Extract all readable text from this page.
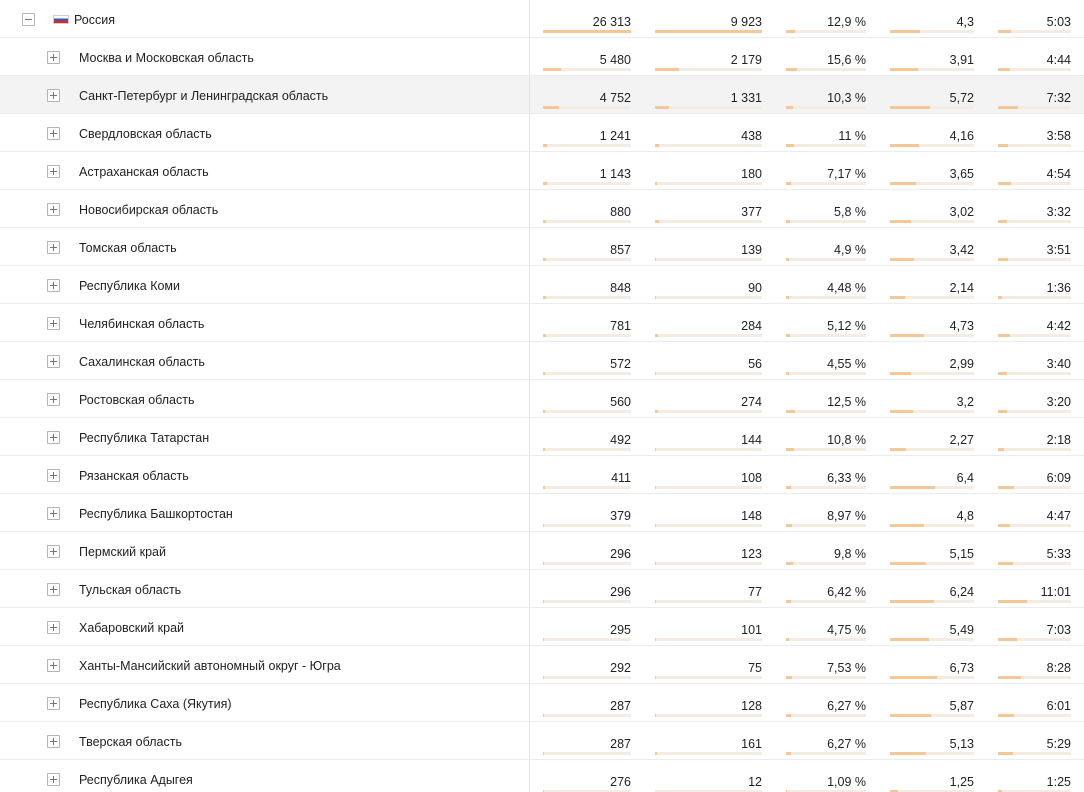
Россия	26 313	9 923	12,9 %	4,3	5:03
Москва и Московская область	5 480	2 179	15,6 %	3,91	4:44
Санкт-Петербург и Ленинградская область	4 752	1 331	10,3 %	5,72	7:32
Свердловская область	1 241	438	11 %	4,16	3:58
Астраханская область	1 143	180	7,17 %	3,65	4:54
Новосибирская область	880	377	5,8 %	3,02	3:32
Томская область	857	139	4,9 %	3,42	3:51
Республика Коми	848	90	4,48 %	2,14	1:36
Челябинская область	781	284	5,12 %	4,73	4:42
Сахалинская область	572	56	4,55 %	2,99	3:40
Ростовская область	560	274	12,5 %	3,2	3:20
Республика Татарстан	492	144	10,8 %	2,27	2:18
Рязанская область	411	108	6,33 %	6,4	6:09
Республика Башкортостан	379	148	8,97 %	4,8	4:47
Пермский край	296	123	9,8 %	5,15	5:33
Тульская область	296	77	6,42 %	6,24	11:01
Хабаровский край	295	101	4,75 %	5,49	7:03
Ханты-Мансийский автономный округ - Югра	292	75	7,53 %	6,73	8:28
Республика Саха (Якутия)	287	128	6,27 %	5,87	6:01
Тверская область	287	161	6,27 %	5,13	5:29
Республика Адыгея	276	12	1,09 %	1,25	1:25
